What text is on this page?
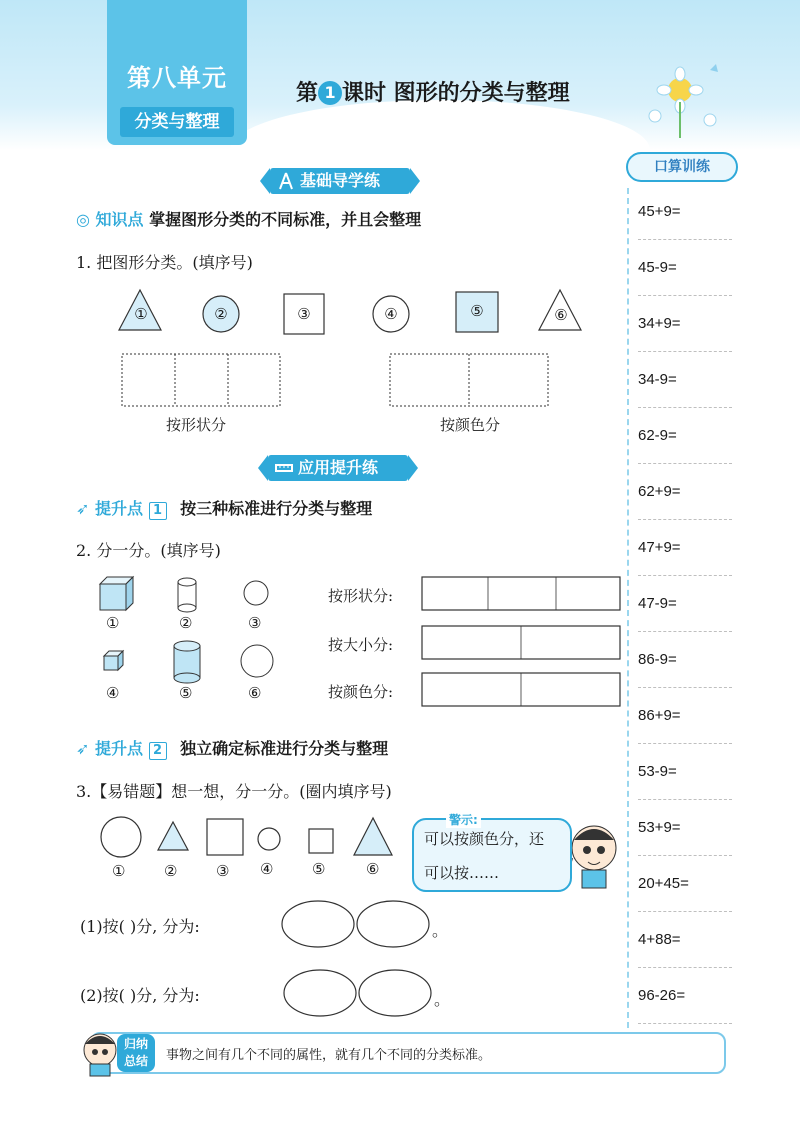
第八单元
分类与整理
第 1 课时 图形的分类与整理
口算训练
45+9=
45-9=
34+9=
34-9=
62-9=
62+9=
47+9=
47-9=
86-9=
86+9=
53-9=
53+9=
20+45=
4+88=
96-26=
基础导学练
◎ 知识点 掌握图形分类的不同标准，并且会整理
1. 把图形分类。(填序号)
①	②	③	④	⑤	⑥
按形状分	按颜色分
应用提升练
➶ 提升点 1 按三种标准进行分类与整理
2. 分一分。(填序号)
①	②	③
④	⑤	⑥
按形状分:
按大小分:
按颜色分:
➶ 提升点 2 独立确定标准进行分类与整理
3.【易错题】想一想，分一分。(圈内填序号)
①	②	③ ④	⑤	⑥
警示:
可以按颜色分，还
可以按……
(1)按( )分, 分为:	。
(2)按( )分, 分为:	。
归纳
总结	事物之间有几个不同的属性，就有几个不同的分类标准。
